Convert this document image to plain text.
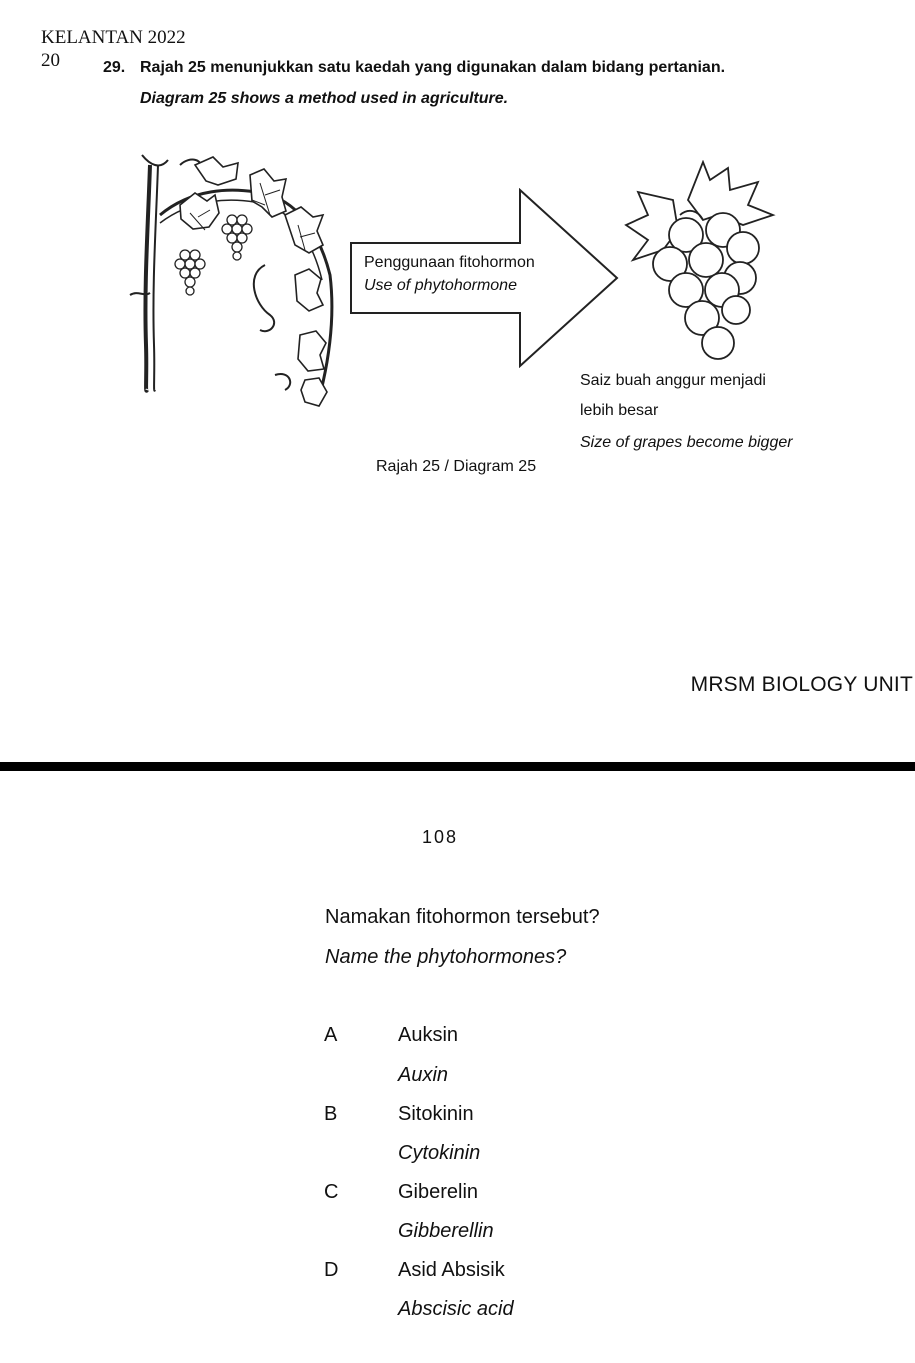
KELANTAN 2022
20	29. Rajah 25 menunjukkan satu kaedah yang digunakan dalam bidang pertanian.
Diagram 25 shows a method used in agriculture.
Penggunaan fitohormon
Use of phytohormone
Saiz buah anggur menjadi
lebih besar
Size of grapes become bigger
Rajah 25 / Diagram 25
MRSM BIOLOGY UNIT
108
Namakan fitohormon tersebut?
Name the phytohormones?
A	Auksin
Auxin
B	Sitokinin
Cytokinin
C	Giberelin
Gibberellin
D	Asid Absisik
Abscisic acid
